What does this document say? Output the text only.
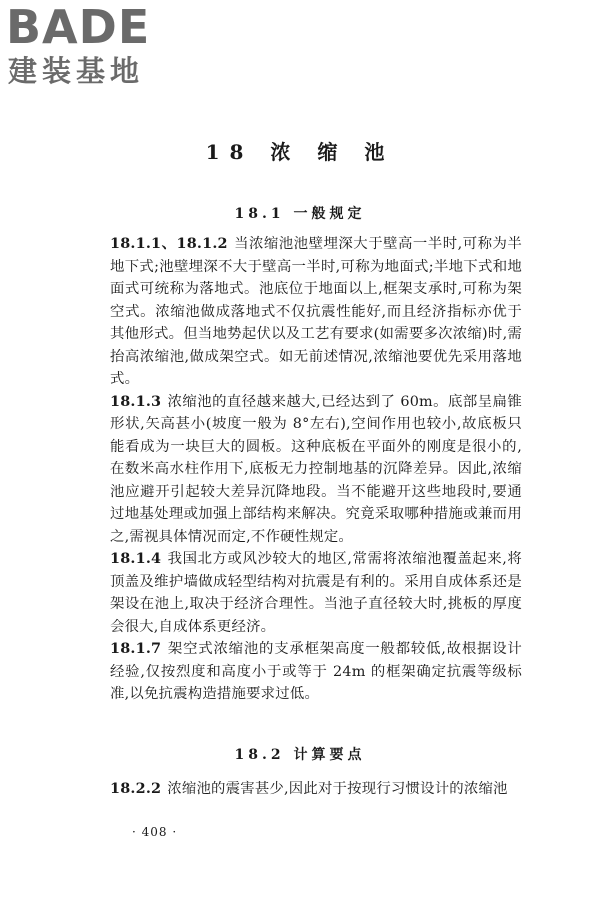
BADE
建装基地
18 浓 缩 池
18.1 一般规定

18.1.1、18.1.2 当浓缩池池壁埋深大于壁高一半时,可称为半地下式;池壁埋深不大于壁高一半时,可称为地面式;半地下式和地面式可统称为落地式。池底位于地面以上,框架支承时,可称为架空式。浓缩池做成落地式不仅抗震性能好,而且经济指标亦优于其他形式。但当地势起伏以及工艺有要求(如需要多次浓缩)时,需抬高浓缩池,做成架空式。如无前述情况,浓缩池要优先采用落地式。

18.1.3 浓缩池的直径越来越大,已经达到了 60m。底部呈扁锥形状,矢高甚小(坡度一般为 8°左右),空间作用也较小,故底板只能看成为一块巨大的圆板。这种底板在平面外的刚度是很小的,在数米高水柱作用下,底板无力控制地基的沉降差异。因此,浓缩池应避开引起较大差异沉降地段。当不能避开这些地段时,要通过地基处理或加强上部结构来解决。究竟采取哪种措施或兼而用之,需视具体情况而定,不作硬性规定。

18.1.4 我国北方或风沙较大的地区,常需将浓缩池覆盖起来,将顶盖及维护墙做成轻型结构对抗震是有利的。采用自成体系还是架设在池上,取决于经济合理性。当池子直径较大时,挑板的厚度会很大,自成体系更经济。

18.1.7 架空式浓缩池的支承框架高度一般都较低,故根据设计经验,仅按烈度和高度小于或等于 24m 的框架确定抗震等级标准,以免抗震构造措施要求过低。

18.2 计算要点

18.2.2 浓缩池的震害甚少,因此对于按现行习惯设计的浓缩池

· 408 ·
